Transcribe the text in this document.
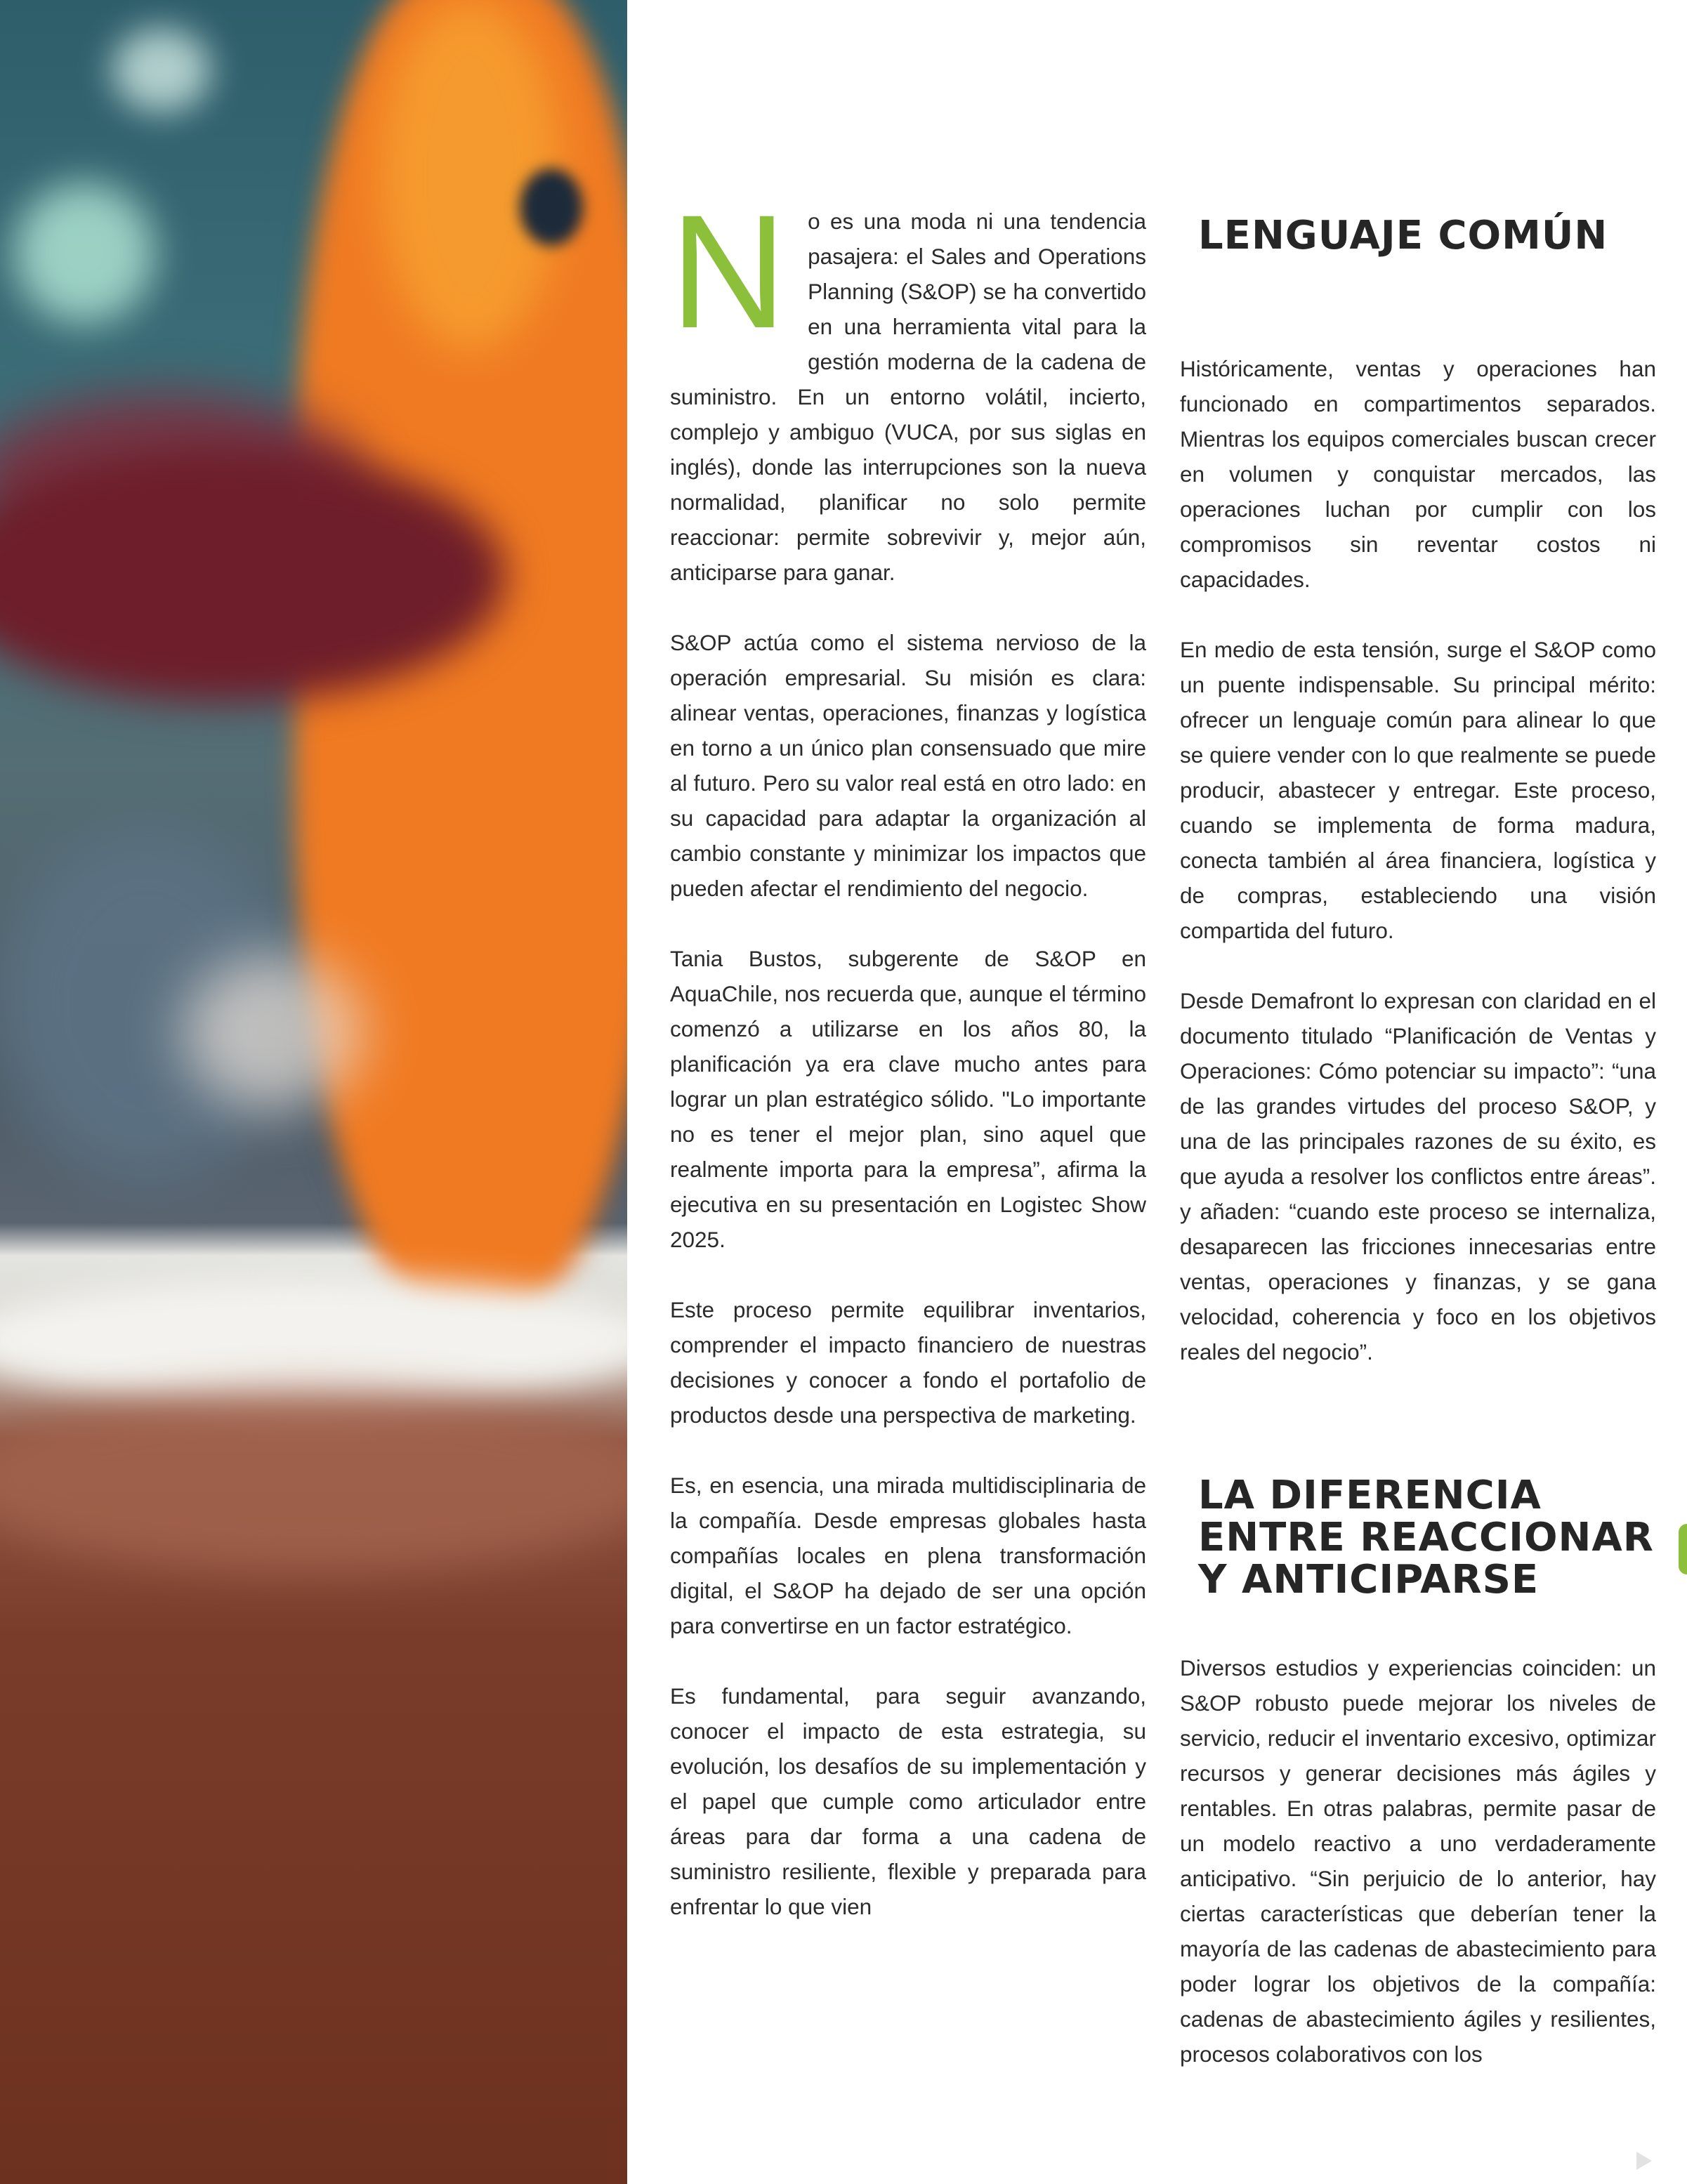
No es una moda ni una tendencia pasajera: el Sales and Operations Planning (S&OP) se ha convertido en una herramienta vital para la gestión moderna de la cadena de suministro. En un entorno volátil, incierto, complejo y ambiguo (VUCA, por sus siglas en inglés), donde las interrupciones son la nueva normalidad, planificar no solo permite reaccionar: permite sobrevivir y, mejor aún, anticiparse para ganar.

S&OP actúa como el sistema nervioso de la operación empresarial. Su misión es clara: alinear ventas, operaciones, finanzas y logística en torno a un único plan consensuado que mire al futuro. Pero su valor real está en otro lado: en su capacidad para adaptar la organización al cambio constante y minimizar los impactos que pueden afectar el rendimiento del negocio.

Tania Bustos, subgerente de S&OP en AquaChile, nos recuerda que, aunque el término comenzó a utilizarse en los años 80, la planificación ya era clave mucho antes para lograr un plan estratégico sólido. "Lo importante no es tener el mejor plan, sino aquel que realmente importa para la empresa”, afirma la ejecutiva en su presentación en Logistec Show 2025.

Este proceso permite equilibrar inventarios, comprender el impacto financiero de nuestras decisiones y conocer a fondo el portafolio de productos desde una perspectiva de marketing.

Es, en esencia, una mirada multidisciplinaria de la compañía. Desde empresas globales hasta compañías locales en plena transformación digital, el S&OP ha dejado de ser una opción para convertirse en un factor estratégico.

Es fundamental, para seguir avanzando, conocer el impacto de esta estrategia, su evolución, los desafíos de su implementación y el papel que cumple como articulador entre áreas para dar forma a una cadena de suministro resiliente, flexible y preparada para enfrentar lo que vien

LENGUAJE COMÚN
LA DIFERENCIA ENTRE REACCIONAR Y ANTICIPARSE

Históricamente, ventas y operaciones han funcionado en compartimentos separados. Mientras los equipos comerciales buscan crecer en volumen y conquistar mercados, las operaciones luchan por cumplir con los compromisos sin reventar costos ni capacidades.

En medio de esta tensión, surge el S&OP como un puente indispensable. Su principal mérito: ofrecer un lenguaje común para alinear lo que se quiere vender con lo que realmente se puede producir, abastecer y entregar. Este proceso, cuando se implementa de forma madura, conecta también al área financiera, logística y de compras, estableciendo una visión compartida del futuro.

Desde Demafront lo expresan con claridad en el documento titulado “Planificación de Ventas y Operaciones: Cómo potenciar su impacto”: “una de las grandes virtudes del proceso S&OP, y una de las principales razones de su éxito, es que ayuda a resolver los conflictos entre áreas”. y añaden: “cuando este proceso se internaliza, desaparecen las fricciones innecesarias entre ventas, operaciones y finanzas, y se gana velocidad, coherencia y foco en los objetivos reales del negocio”.

Diversos estudios y experiencias coinciden: un S&OP robusto puede mejorar los niveles de servicio, reducir el inventario excesivo, optimizar recursos y generar decisiones más ágiles y rentables. En otras palabras, permite pasar de un modelo reactivo a uno verdaderamente anticipativo. “Sin perjuicio de lo anterior, hay ciertas características que deberían tener la mayoría de las cadenas de abastecimiento para poder lograr los objetivos de la compañía: cadenas de abastecimiento ágiles y resilientes, procesos colaborativos con los
